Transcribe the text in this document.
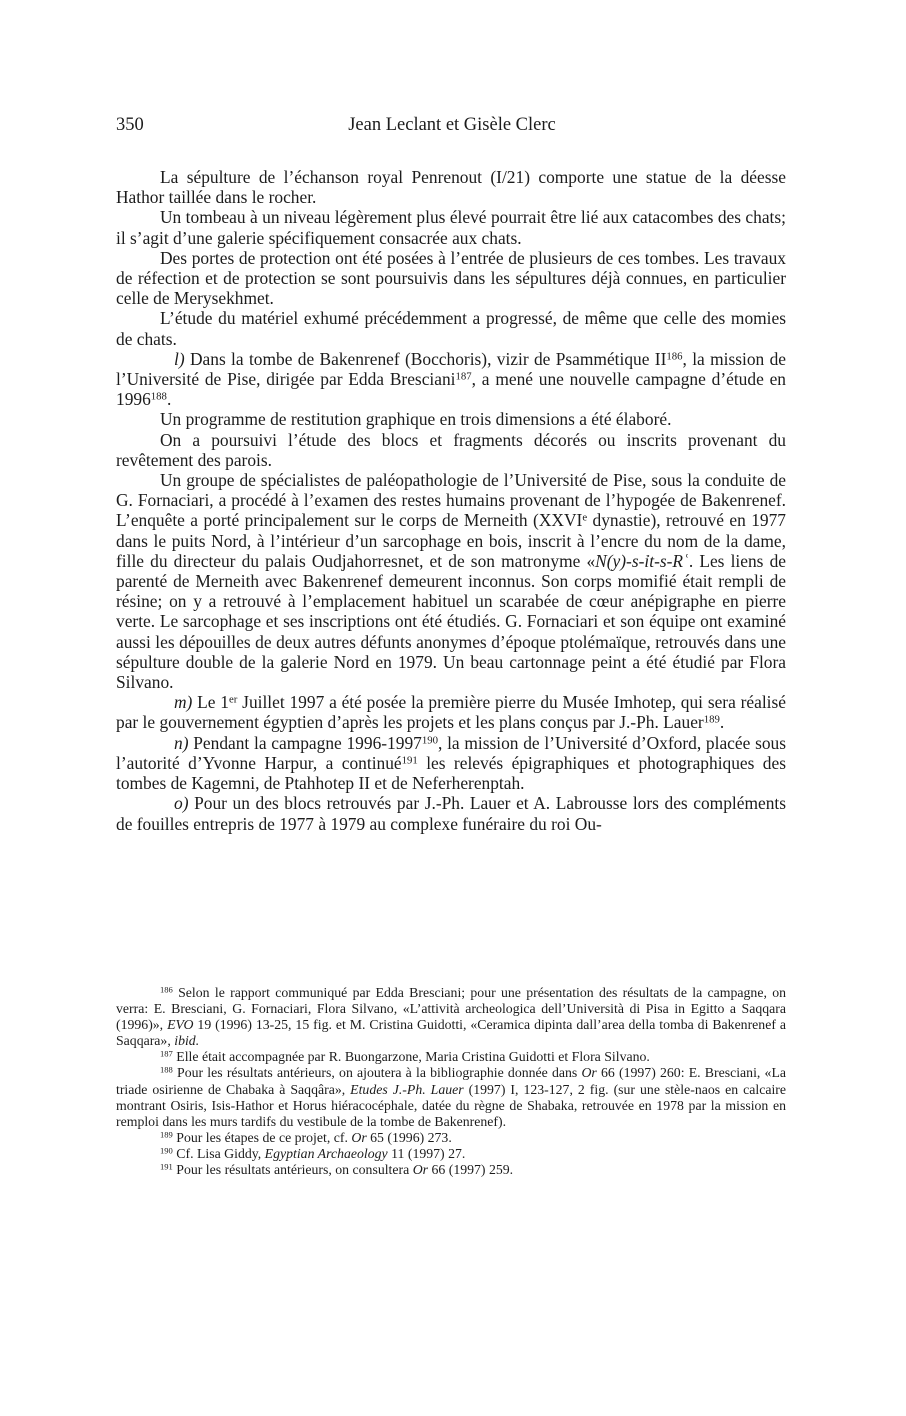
350	Jean Leclant et Gisèle Clerc

La sépulture de l’échanson royal Penrenout (I/21) comporte une statue de la déesse Hathor taillée dans le rocher.

Un tombeau à un niveau légèrement plus élevé pourrait être lié aux catacombes des chats; il s’agit d’une galerie spécifiquement consacrée aux chats.

Des portes de protection ont été posées à l’entrée de plusieurs de ces tombes. Les travaux de réfection et de protection se sont poursuivis dans les sépultures déjà connues, en particulier celle de Merysekhmet.

L’étude du matériel exhumé précédemment a progressé, de même que celle des momies de chats.

l) Dans la tombe de Bakenrenef (Bocchoris), vizir de Psammétique II$^{186}$, la mission de l’Université de Pise, dirigée par Edda Bresciani$^{187}$, a mené une nouvelle campagne d’étude en 1996$^{188}$.

Un programme de restitution graphique en trois dimensions a été élaboré.

On a poursuivi l’étude des blocs et fragments décorés ou inscrits provenant du revêtement des parois.

Un groupe de spécialistes de paléopathologie de l’Université de Pise, sous la conduite de G. Fornaciari, a procédé à l’examen des restes humains provenant de l’hypogée de Bakenrenef. L’enquête a porté principalement sur le corps de Merneith (XXVIe dynastie), retrouvé en 1977 dans le puits Nord, à l’intérieur d’un sarcophage en bois, inscrit à l’encre du nom de la dame, fille du directeur du palais Oudjahorresnet, et de son matronyme «N(y)-s-ỉt-s-Rʿ. Les liens de parenté de Merneith avec Bakenrenef demeurent inconnus. Son corps momifié était rempli de résine; on y a retrouvé à l’emplacement habituel un scarabée de cœur anépigraphe en pierre verte. Le sarcophage et ses inscriptions ont été étudiés. G. Fornaciari et son équipe ont examiné aussi les dépouilles de deux autres défunts anonymes d’époque ptolémaïque, retrouvés dans une sépulture double de la galerie Nord en 1979. Un beau cartonnage peint a été étudié par Flora Silvano.

m) Le 1er Juillet 1997 a été posée la première pierre du Musée Imhotep, qui sera réalisé par le gouvernement égyptien d’après les projets et les plans conçus par J.-Ph. Lauer$^{189}$.

n) Pendant la campagne 1996-1997$^{190}$, la mission de l’Université d’Oxford, placée sous l’autorité d’Yvonne Harpur, a continué$^{191}$ les relevés épigraphiques et photographiques des tombes de Kagemni, de Ptahhotep II et de Neferherenptah.

o) Pour un des blocs retrouvés par J.-Ph. Lauer et A. Labrousse lors des compléments de fouilles entrepris de 1977 à 1979 au complexe funéraire du roi Ou-

$^{186}$ Selon le rapport communiqué par Edda Bresciani; pour une présentation des résultats de la campagne, on verra: E. Bresciani, G. Fornaciari, Flora Silvano, «L’attività archeologica dell’Università di Pisa in Egitto a Saqqara (1996)», EVO 19 (1996) 13-25, 15 fig. et M. Cristina Guidotti, «Ceramica dipinta dall’area della tomba di Bakenrenef a Saqqara», ibid.

$^{187}$ Elle était accompagnée par R. Buongarzone, Maria Cristina Guidotti et Flora Silvano.

$^{188}$ Pour les résultats antérieurs, on ajoutera à la bibliographie donnée dans Or 66 (1997) 260: E. Bresciani, «La triade osirienne de Chabaka à Saqqâra», Etudes J.-Ph. Lauer (1997) I, 123-127, 2 fig. (sur une stèle-naos en calcaire montrant Osiris, Isis-Hathor et Horus hiéracocéphale, datée du règne de Shabaka, retrouvée en 1978 par la mission en remploi dans les murs tardifs du vestibule de la tombe de Bakenrenef).

$^{189}$ Pour les étapes de ce projet, cf. Or 65 (1996) 273.

$^{190}$ Cf. Lisa Giddy, Egyptian Archaeology 11 (1997) 27.

$^{191}$ Pour les résultats antérieurs, on consultera Or 66 (1997) 259.
